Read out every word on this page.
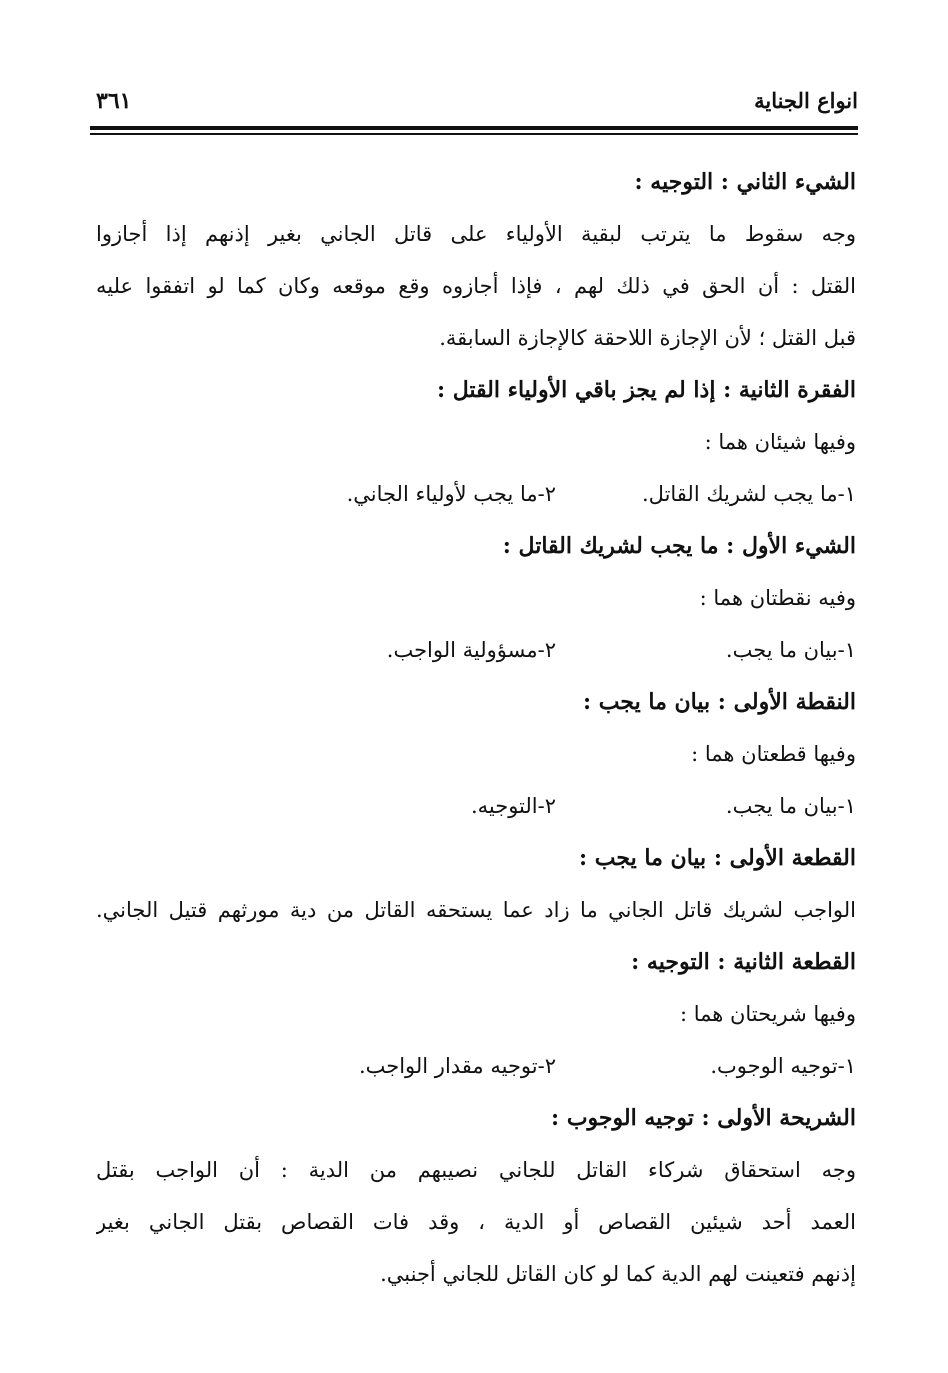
انواع الجناية
٣٦١
الشيء الثاني : التوجيه :
وجه سقوط ما يترتب لبقية الأولياء على قاتل الجاني بغير إذنهم إذا أجازوا
القتل : أن الحق في ذلك لهم ، فإذا أجازوه وقع موقعه وكان كما لو اتفقوا عليه
قبل القتل ؛ لأن الإجازة اللاحقة كالإجازة السابقة.
الفقرة الثانية : إذا لم يجز باقي الأولياء القتل :
وفيها شيئان هما :
١-ما يجب لشريك القاتل.
٢-ما يجب لأولياء الجاني.
الشيء الأول : ما يجب لشريك القاتل :
وفيه نقطتان هما :
١-بيان ما يجب.
٢-مسؤولية الواجب.
النقطة الأولى : بيان ما يجب :
وفيها قطعتان هما :
١-بيان ما يجب.
٢-التوجيه.
القطعة الأولى : بيان ما يجب :
الواجب لشريك قاتل الجاني ما زاد عما يستحقه القاتل من دية مورثهم قتيل الجاني.
القطعة الثانية : التوجيه :
وفيها شريحتان هما :
١-توجيه الوجوب.
٢-توجيه مقدار الواجب.
الشريحة الأولى : توجيه الوجوب :
وجه استحقاق شركاء القاتل للجاني نصيبهم من الدية : أن الواجب بقتل
العمد أحد شيئين القصاص أو الدية ، وقد فات القصاص بقتل الجاني بغير
إذنهم فتعينت لهم الدية كما لو كان القاتل للجاني أجنبي.
